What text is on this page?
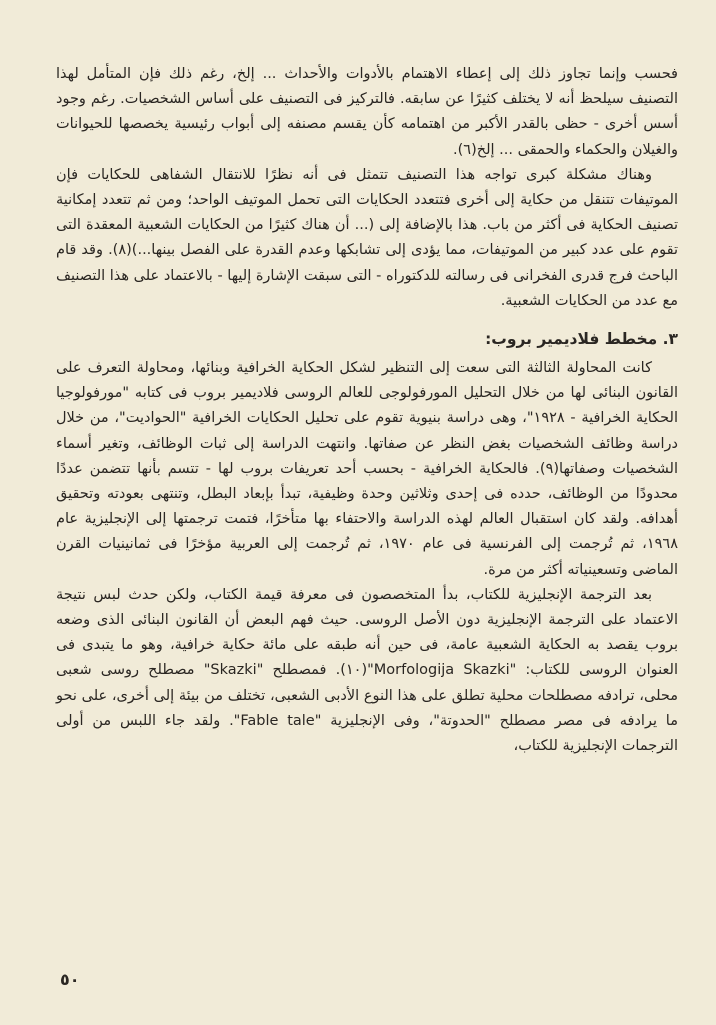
فحسب وإنما تجاوز ذلك إلى إعطاء الاهتمام بالأدوات والأحداث ... إلخ، رغم ذلك فإن المتأمل لهذا التصنيف سيلحظ أنه لا يختلف كثيرًا عن سابقه. فالتركيز فى التصنيف على أساس الشخصيات. رغم وجود أسس أخرى - حظى بالقدر الأكبر من اهتمامه كأن يقسم مصنفه إلى أبواب رئيسية يخصصها للحيوانات والغيلان والحكماء والحمقى ... إلخ(٦).

وهناك مشكلة كبرى تواجه هذا التصنيف تتمثل فى أنه نظرًا للانتقال الشفاهى للحكايات فإن الموتيفات تتنقل من حكاية إلى أخرى فتتعدد الحكايات التى تحمل الموتيف الواحد؛ ومن ثم تتعدد إمكانية تصنيف الحكاية فى أكثر من باب. هذا بالإضافة إلى (... أن هناك كثيرًا من الحكايات الشعبية المعقدة التى تقوم على عدد كبير من الموتيفات، مما يؤدى إلى تشابكها وعدم القدرة على الفصل بينها...)(٨). وقد قام الباحث فرج قدرى الفخرانى فى رسالته للدكتوراه - التى سبقت الإشارة إليها - بالاعتماد على هذا التصنيف مع عدد من الحكايات الشعبية.

٣. مخطط فلاديمير بروب:

كانت المحاولة الثالثة التى سعت إلى التنظير لشكل الحكاية الخرافية وبنائها، ومحاولة التعرف على القانون البنائى لها من خلال التحليل المورفولوجى للعالم الروسى فلاديمير بروب فى كتابه "مورفولوجيا الحكاية الخرافية - ١٩٢٨"، وهى دراسة بنيوية تقوم على تحليل الحكايات الخرافية "الحواديت"، من خلال دراسة وظائف الشخصيات بغض النظر عن صفاتها. وانتهت الدراسة إلى ثبات الوظائف، وتغير أسماء الشخصيات وصفاتها(٩). فالحكاية الخرافية - بحسب أحد تعريفات بروب لها - تتسم بأنها تتضمن عددًا محدودًا من الوظائف، حدده فى إحدى وثلاثين وحدة وظيفية، تبدأ بإبعاد البطل، وتنتهى بعودته وتحقيق أهدافه. ولقد كان استقبال العالم لهذه الدراسة والاحتفاء بها متأخرًا، فتمت ترجمتها إلى الإنجليزية عام ١٩٦٨، ثم تُرجمت إلى الفرنسية فى عام ١٩٧٠، ثم تُرجمت إلى العربية مؤخرًا فى ثمانينيات القرن الماضى وتسعينياته أكثر من مرة.

بعد الترجمة الإنجليزية للكتاب، بدأ المتخصصون فى معرفة قيمة الكتاب، ولكن حدث لبس نتيجة الاعتماد على الترجمة الإنجليزية دون الأصل الروسى. حيث فهم البعض أن القانون البنائى الذى وضعه بروب يقصد به الحكاية الشعبية عامة، فى حين أنه طبقه على مائة حكاية خرافية، وهو ما يتبدى فى العنوان الروسى للكتاب: "Morfologija Skazki"(١٠). فمصطلح "Skazki" مصطلح روسى شعبى محلى، ترادفه مصطلحات محلية تطلق على هذا النوع الأدبى الشعبى، تختلف من بيئة إلى أخرى، على نحو ما يرادفه فى مصر مصطلح "الحدوتة"، وفى الإنجليزية "Fable tale". ولقد جاء اللبس من أولى الترجمات الإنجليزية للكتاب،

٥٠
